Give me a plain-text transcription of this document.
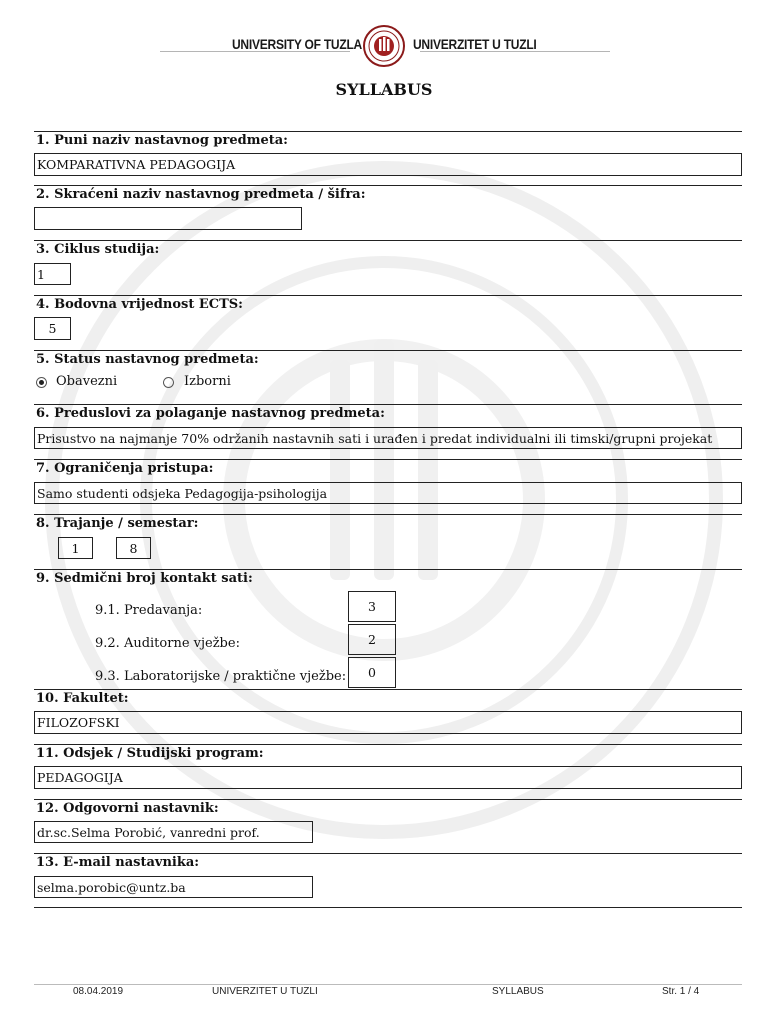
UNIVERSITY OF TUZLA	UNIVERZITET U TUZLI
SYLLABUS
1. Puni naziv nastavnog predmeta:
KOMPARATIVNA PEDAGOGIJA
2. Skraćeni naziv nastavnog predmeta / šifra:
3. Ciklus studija:
1
4. Bodovna vrijednost ECTS:
5
5. Status nastavnog predmeta:
Obavezni	Izborni
6. Preduslovi za polaganje nastavnog predmeta:
Prisustvo na najmanje 70% održanih nastavnih sati i urađen i predat individualni ili timski/grupni projekat
7. Ograničenja pristupa:
Samo studenti odsjeka Pedagogija-psihologija
8. Trajanje / semestar:
1	8
9. Sedmični broj kontakt sati:
9.1. Predavanja:	3
9.2. Auditorne vježbe:	2
9.3. Laboratorijske / praktične vježbe:	0
10. Fakultet:
FILOZOFSKI
11. Odsjek / Studijski program:
PEDAGOGIJA
12. Odgovorni nastavnik:
dr.sc.Selma Porobić, vanredni prof.
13. E-mail nastavnika:
selma.porobic@untz.ba
08.04.2019	UNIVERZITET U TUZLI	SYLLABUS	Str. 1 / 4
